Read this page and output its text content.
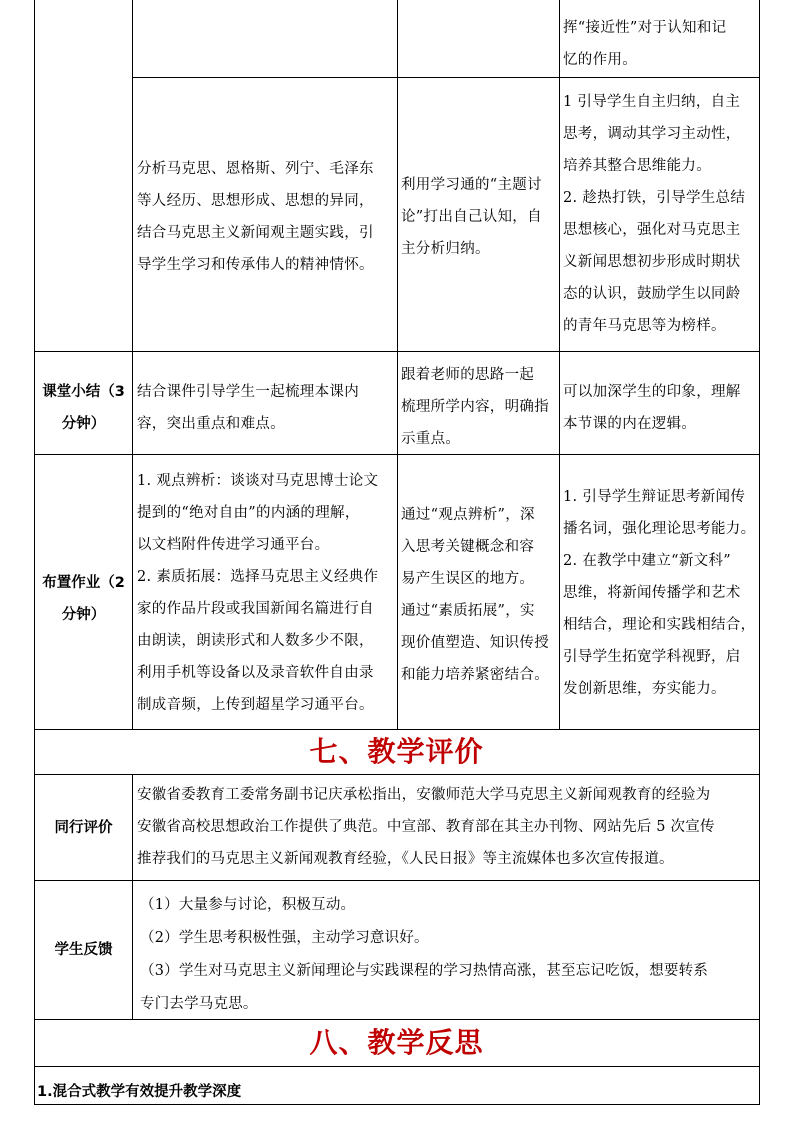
挥“接近性”对于认知和记
忆的作用。
分析马克思、恩格斯、列宁、毛泽东
等人经历、思想形成、思想的异同，
结合马克思主义新闻观主题实践，引
导学生学习和传承伟人的精神情怀。
利用学习通的“主题讨
论”打出自己认知，自
主分析归纳。
1 引导学生自主归纳，自主
思考，调动其学习主动性，
培养其整合思维能力。
2. 趁热打铁，引导学生总结
思想核心，强化对马克思主
义新闻思想初步形成时期状
态的认识，鼓励学生以同龄
的青年马克思等为榜样。
课堂小结（3
分钟）
结合课件引导学生一起梳理本课内
容，突出重点和难点。
跟着老师的思路一起
梳理所学内容，明确指
示重点。
可以加深学生的印象，理解
本节课的内在逻辑。
布置作业（2
分钟）
1. 观点辨析：谈谈对马克思博士论文
提到的“绝对自由”的内涵的理解，
以文档附件传进学习通平台。
2. 素质拓展：选择马克思主义经典作
家的作品片段或我国新闻名篇进行自
由朗读，朗读形式和人数多少不限，
利用手机等设备以及录音软件自由录
制成音频，上传到超星学习通平台。
通过“观点辨析”，深
入思考关键概念和容
易产生误区的地方。
通过“素质拓展”，实
现价值塑造、知识传授
和能力培养紧密结合。
1. 引导学生辩证思考新闻传
播名词，强化理论思考能力。
2. 在教学中建立“新文科”
思维，将新闻传播学和艺术
相结合，理论和实践相结合，
引导学生拓宽学科视野，启
发创新思维，夯实能力。
七、教学评价
同行评价
安徽省委教育工委常务副书记庆承松指出，安徽师范大学马克思主义新闻观教育的经验为
安徽省高校思想政治工作提供了典范。中宣部、教育部在其主办刊物、网站先后 5 次宣传
推荐我们的马克思主义新闻观教育经验，《人民日报》等主流媒体也多次宣传报道。
学生反馈
（1）大量参与讨论，积极互动。
（2）学生思考积极性强，主动学习意识好。
（3）学生对马克思主义新闻理论与实践课程的学习热情高涨，甚至忘记吃饭，想要转系
专门去学马克思。
八、教学反思
1.混合式教学有效提升教学深度
